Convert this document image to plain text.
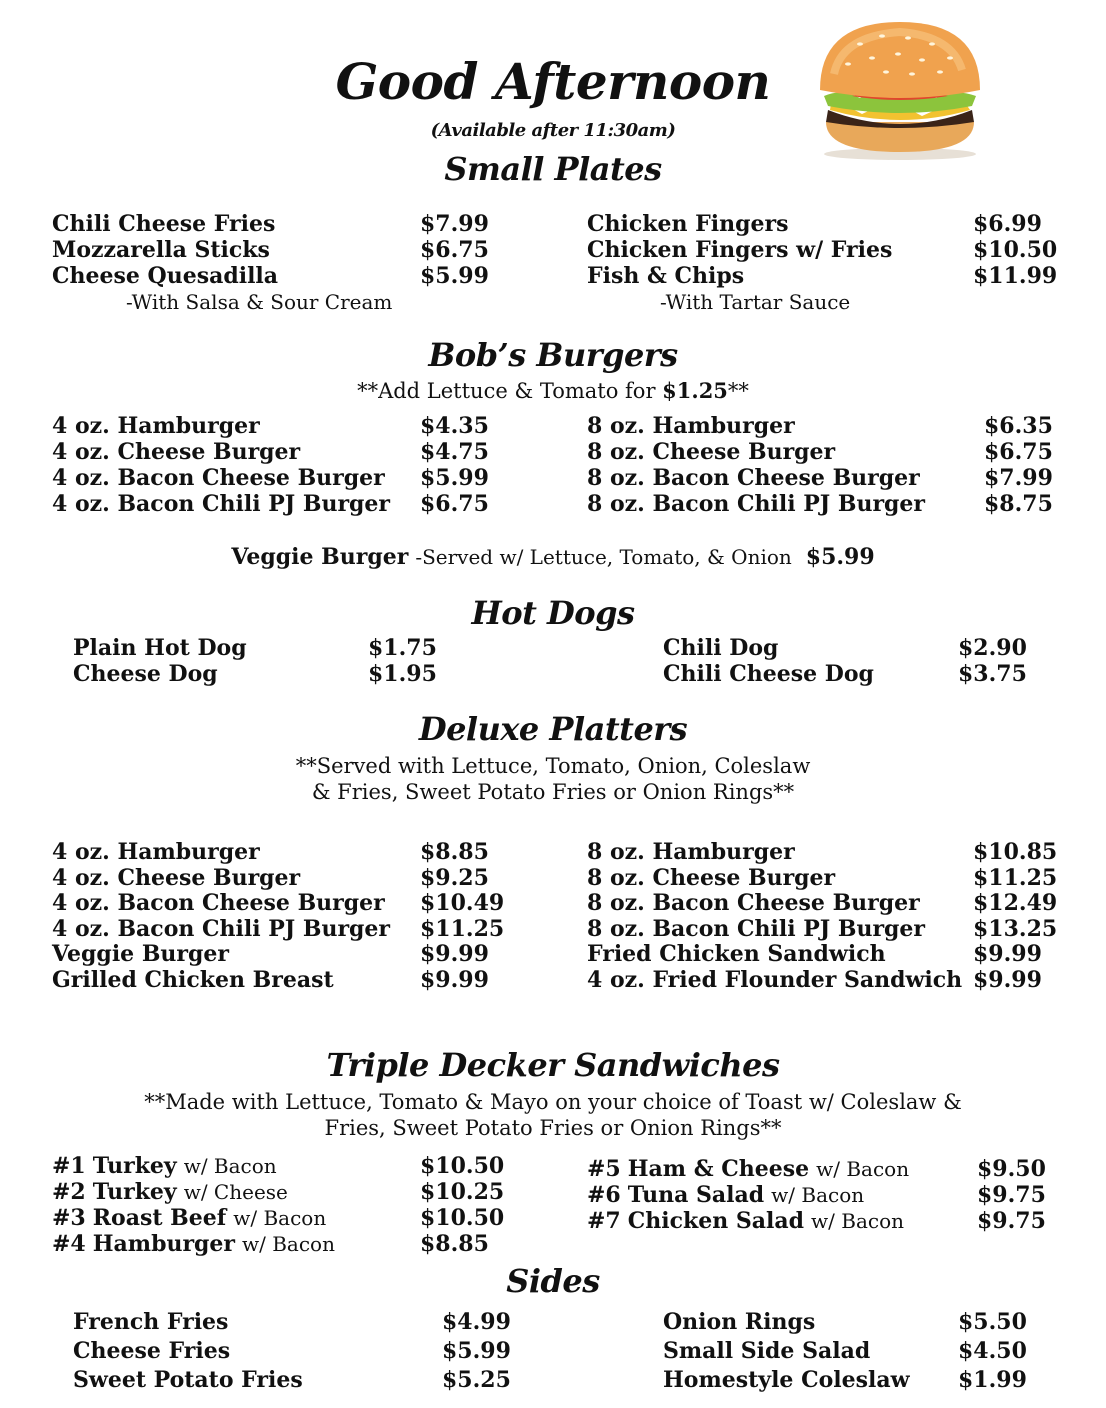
Good Afternoon
(Available after 11:30am)
Small Plates
Chili Cheese Fries	$7.99
Mozzarella Sticks	$6.75
Cheese Quesadilla	$5.99
-With Salsa & Sour Cream
Chicken Fingers	$6.99
Chicken Fingers w/ Fries	$10.50
Fish & Chips	$11.99
-With Tartar Sauce
Bob’s Burgers
**Add Lettuce & Tomato for $1.25**
4 oz. Hamburger	$4.35
4 oz. Cheese Burger	$4.75
4 oz. Bacon Cheese Burger $5.99
4 oz. Bacon Chili PJ Burger $6.75
8 oz. Hamburger	$6.35
8 oz. Cheese Burger	$6.75
8 oz. Bacon Cheese Burger	$7.99
8 oz. Bacon Chili PJ Burger	$8.75
Veggie Burger -Served w/ Lettuce, Tomato, & Onion $5.99
Hot Dogs
Plain Hot Dog	$1.75
Cheese Dog	$1.95
Chili Dog	$2.90
Chili Cheese Dog	$3.75
Deluxe Platters
**Served with Lettuce, Tomato, Onion, Coleslaw
& Fries, Sweet Potato Fries or Onion Rings**
4 oz. Hamburger	$8.85
4 oz. Cheese Burger	$9.25
4 oz. Bacon Cheese Burger $10.49
4 oz. Bacon Chili PJ Burger $11.25
Veggie Burger	$9.99
Grilled Chicken Breast	$9.99
8 oz. Hamburger	$10.85
8 oz. Cheese Burger	$11.25
8 oz. Bacon Cheese Burger $12.49
8 oz. Bacon Chili PJ Burger $13.25
Fried Chicken Sandwich	$9.99
4 oz. Fried Flounder Sandwich $9.99
Triple Decker Sandwiches
**Made with Lettuce, Tomato & Mayo on your choice of Toast w/ Coleslaw &
Fries, Sweet Potato Fries or Onion Rings**
#1 Turkey w/ Bacon	$10.50
#2 Turkey w/ Cheese	$10.25
#3 Roast Beef w/ Bacon	$10.50
#4 Hamburger w/ Bacon	$8.85
#5 Ham & Cheese w/ Bacon	$9.50
#6 Tuna Salad w/ Bacon	$9.75
#7 Chicken Salad w/ Bacon	$9.75
Sides
French Fries	$4.99
Cheese Fries	$5.99
Sweet Potato Fries	$5.25
Onion Rings	$5.50
Small Side Salad	$4.50
Homestyle Coleslaw $1.99
